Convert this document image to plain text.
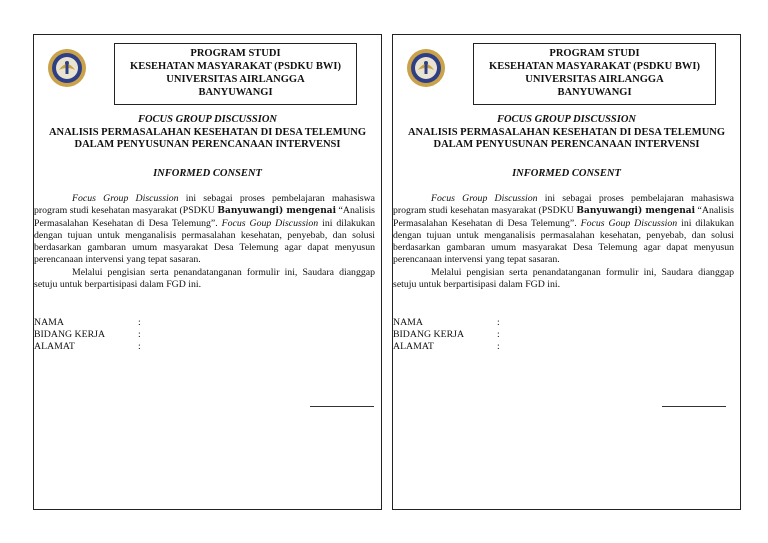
PROGRAM STUDI
KESEHATAN MASYARAKAT (PSDKU BWI)
UNIVERSITAS AIRLANGGA
BANYUWANGI
FOCUS GROUP DISCUSSION
ANALISIS PERMASALAHAN KESEHATAN DI DESA TELEMUNG
DALAM PENYUSUNAN PERENCANAAN INTERVENSI
INFORMED CONSENT

Focus Group Discussion ini sebagai proses pembelajaran mahasiswa program studi kesehatan masyarakat (PSDKU Banyuwangi) mengenai “Analisis Permasalahan Kesehatan di Desa Telemung”. Focus Goup Discussion ini dilakukan dengan tujuan untuk menganalisis permasalahan kesehatan, penyebab, dan solusi berdasarkan gambaran umum masyarakat Desa Telemung agar dapat menyusun perencanaan intervensi yang tepat sasaran.

Melalui pengisian serta penandatanganan formulir ini, Saudara dianggap setuju untuk berpartisipasi dalam FGD ini.

NAMA	:
BIDANG KERJA	:
ALAMAT	:
PROGRAM STUDI
KESEHATAN MASYARAKAT (PSDKU BWI)
UNIVERSITAS AIRLANGGA
BANYUWANGI
FOCUS GROUP DISCUSSION
ANALISIS PERMASALAHAN KESEHATAN DI DESA TELEMUNG
DALAM PENYUSUNAN PERENCANAAN INTERVENSI
INFORMED CONSENT

Focus Group Discussion ini sebagai proses pembelajaran mahasiswa program studi kesehatan masyarakat (PSDKU Banyuwangi) mengenai “Analisis Permasalahan Kesehatan di Desa Telemung”. Focus Goup Discussion ini dilakukan dengan tujuan untuk menganalisis permasalahan kesehatan, penyebab, dan solusi berdasarkan gambaran umum masyarakat Desa Telemung agar dapat menyusun perencanaan intervensi yang tepat sasaran.

Melalui pengisian serta penandatanganan formulir ini, Saudara dianggap setuju untuk berpartisipasi dalam FGD ini.

NAMA	:
BIDANG KERJA	:
ALAMAT	:
